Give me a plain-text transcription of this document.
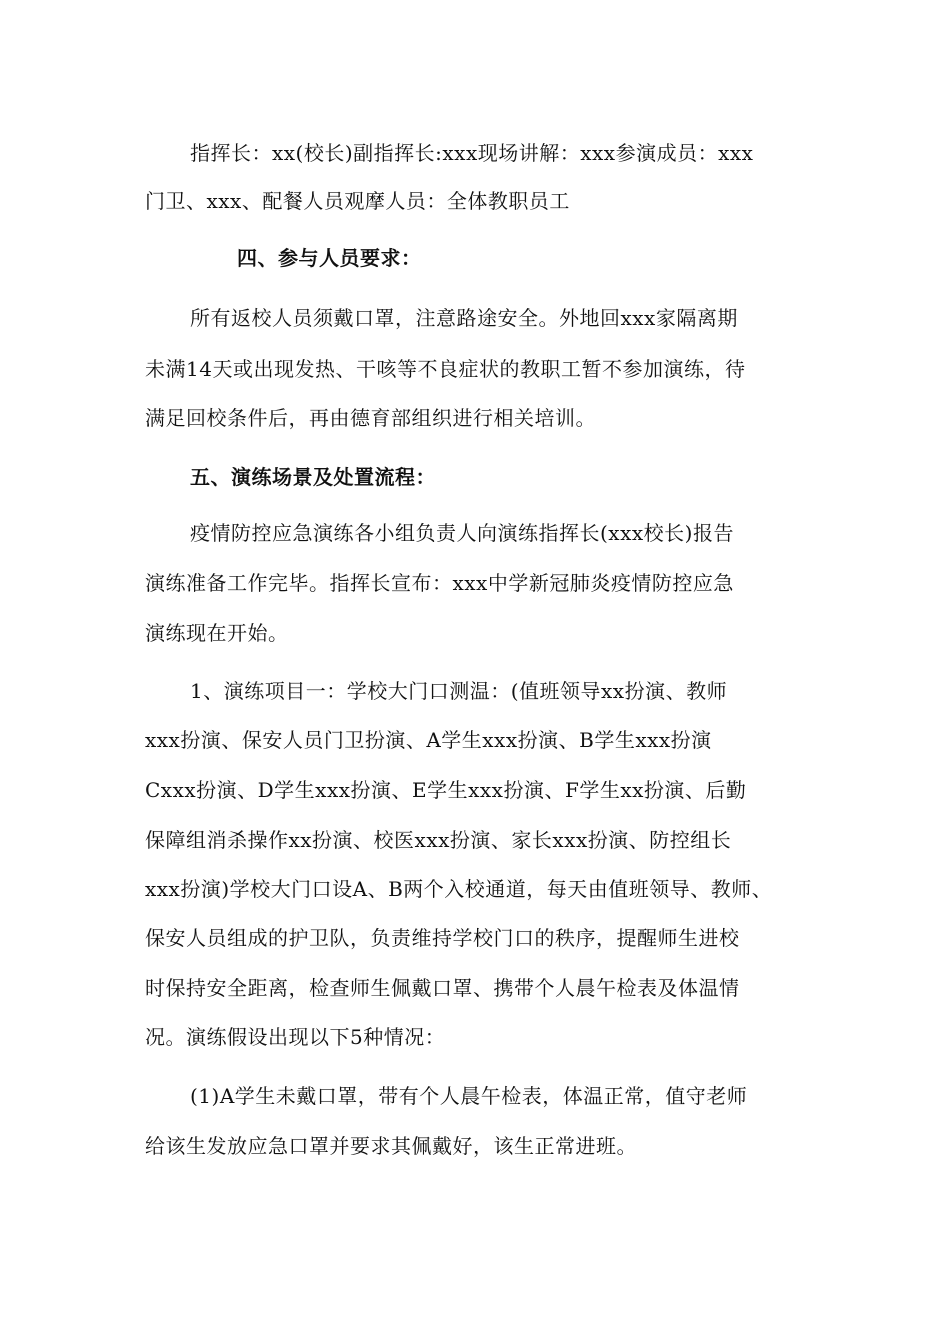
指挥长：xx(校长)副指挥长:xxx现场讲解：xxx参演成员：xxx
门卫、xxx、配餐人员观摩人员：全体教职员工
四、参与人员要求：
所有返校人员须戴口罩，注意路途安全。外地回xxx家隔离期
未满14天或出现发热、干咳等不良症状的教职工暂不参加演练，待
满足回校条件后，再由德育部组织进行相关培训。
五、演练场景及处置流程：
疫情防控应急演练各小组负责人向演练指挥长(xxx校长)报告
演练准备工作完毕。指挥长宣布：xxx中学新冠肺炎疫情防控应急
演练现在开始。
1、演练项目一：学校大门口测温：(值班领导xx扮演、教师
xxx扮演、保安人员门卫扮演、A学生xxx扮演、B学生xxx扮演
Cxxx扮演、D学生xxx扮演、E学生xxx扮演、F学生xx扮演、后勤
保障组消杀操作xx扮演、校医xxx扮演、家长xxx扮演、防控组长
xxx扮演)学校大门口设A、B两个入校通道，每天由值班领导、教师、
保安人员组成的护卫队，负责维持学校门口的秩序，提醒师生进校
时保持安全距离，检查师生佩戴口罩、携带个人晨午检表及体温情
况。演练假设出现以下5种情况：
(1)A学生未戴口罩，带有个人晨午检表，体温正常，值守老师
给该生发放应急口罩并要求其佩戴好，该生正常进班。
